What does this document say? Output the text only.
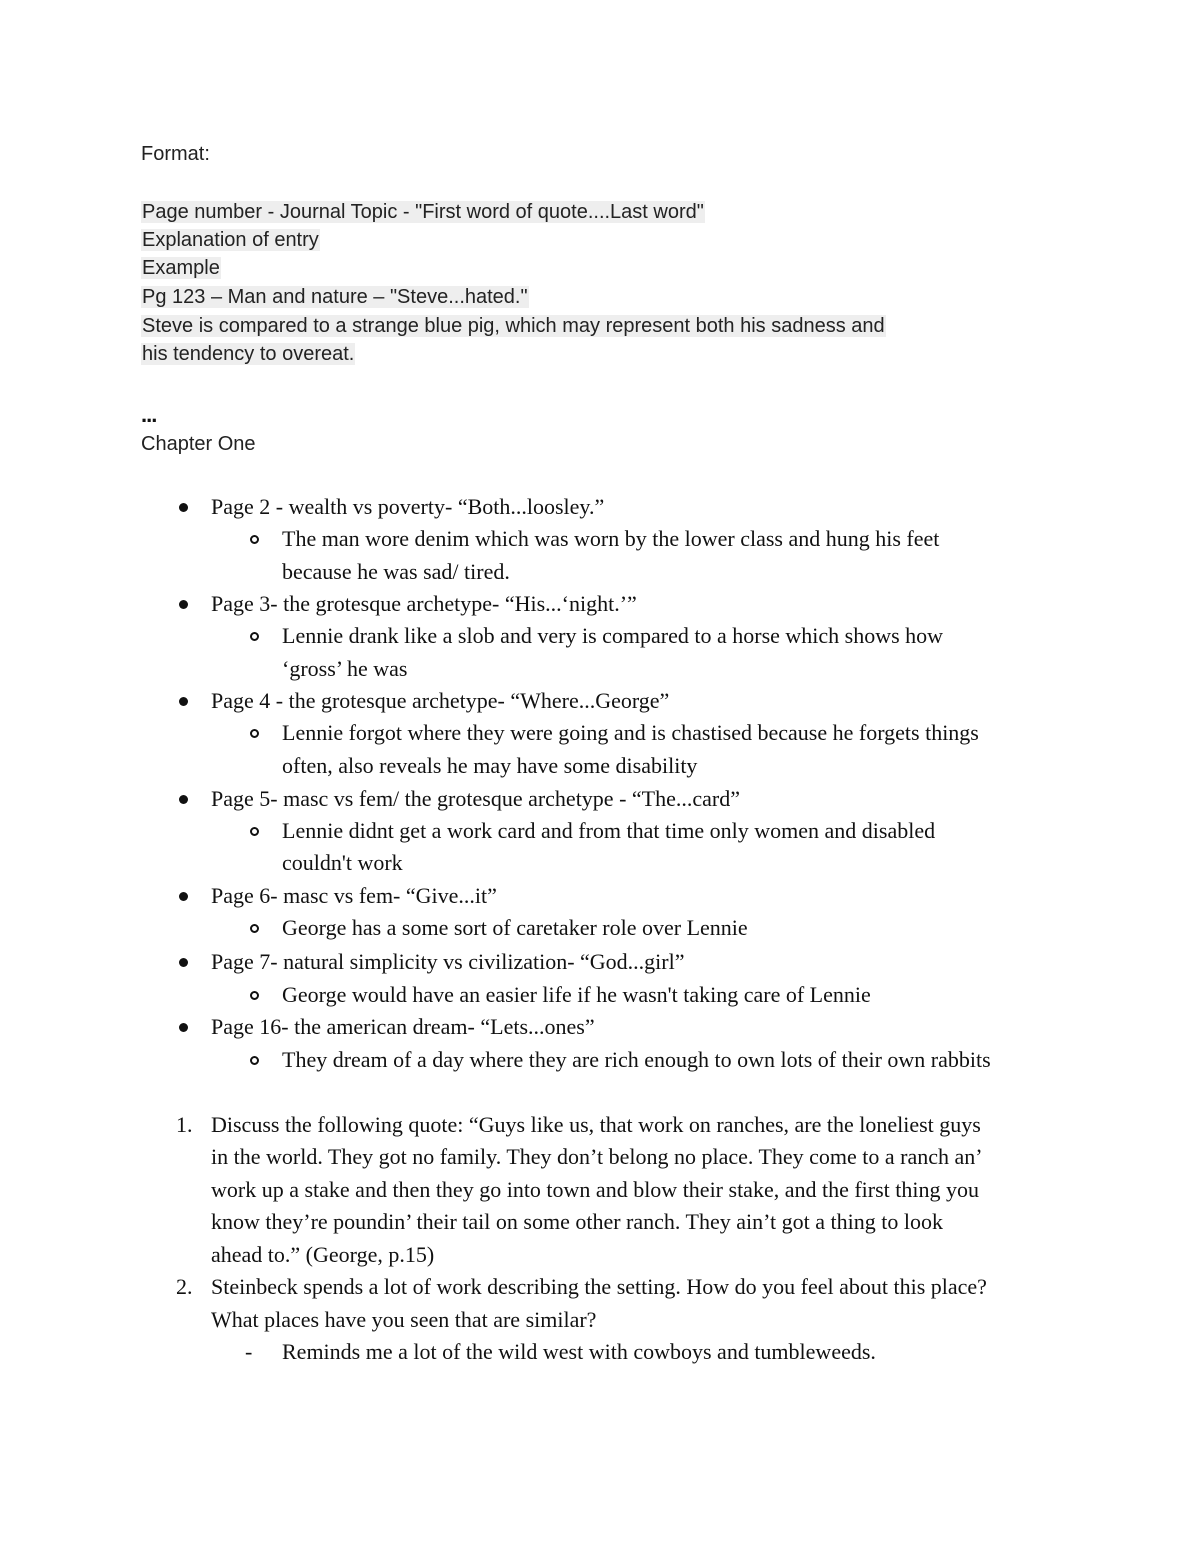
Format:
Page number - Journal Topic - "First word of quote....Last word"
Explanation of entry
Example
Pg 123 – Man and nature – "Steve...hated."
Steve is compared to a strange blue pig, which may represent both his sadness and
his tendency to overeat.
...
Chapter One
Page 2 - wealth vs poverty- “Both...loosley.”
The man wore denim which was worn by the lower class and hung his feet
because he was sad/ tired.
Page 3- the grotesque archetype- “His...‘night.’”
Lennie drank like a slob and very is compared to a horse which shows how
‘gross’ he was
Page 4 - the grotesque archetype- “Where...George”
Lennie forgot where they were going and is chastised because he forgets things
often, also reveals he may have some disability
Page 5- masc vs fem/ the grotesque archetype - “The...card”
Lennie didnt get a work card and from that time only women and disabled
couldn't work
Page 6- masc vs fem- “Give...it”
George has a some sort of caretaker role over Lennie
Page 7- natural simplicity vs civilization- “God...girl”
George would have an easier life if he wasn't taking care of Lennie
Page 16- the american dream- “Lets...ones”
They dream of a day where they are rich enough to own lots of their own rabbits
1. Discuss the following quote: “Guys like us, that work on ranches, are the loneliest guys
in the world. They got no family. They don’t belong no place. They come to a ranch an’
work up a stake and then they go into town and blow their stake, and the first thing you
know they’re poundin’ their tail on some other ranch. They ain’t got a thing to look
ahead to.” (George, p.15)
2. Steinbeck spends a lot of work describing the setting. How do you feel about this place?
What places have you seen that are similar?
- Reminds me a lot of the wild west with cowboys and tumbleweeds.
